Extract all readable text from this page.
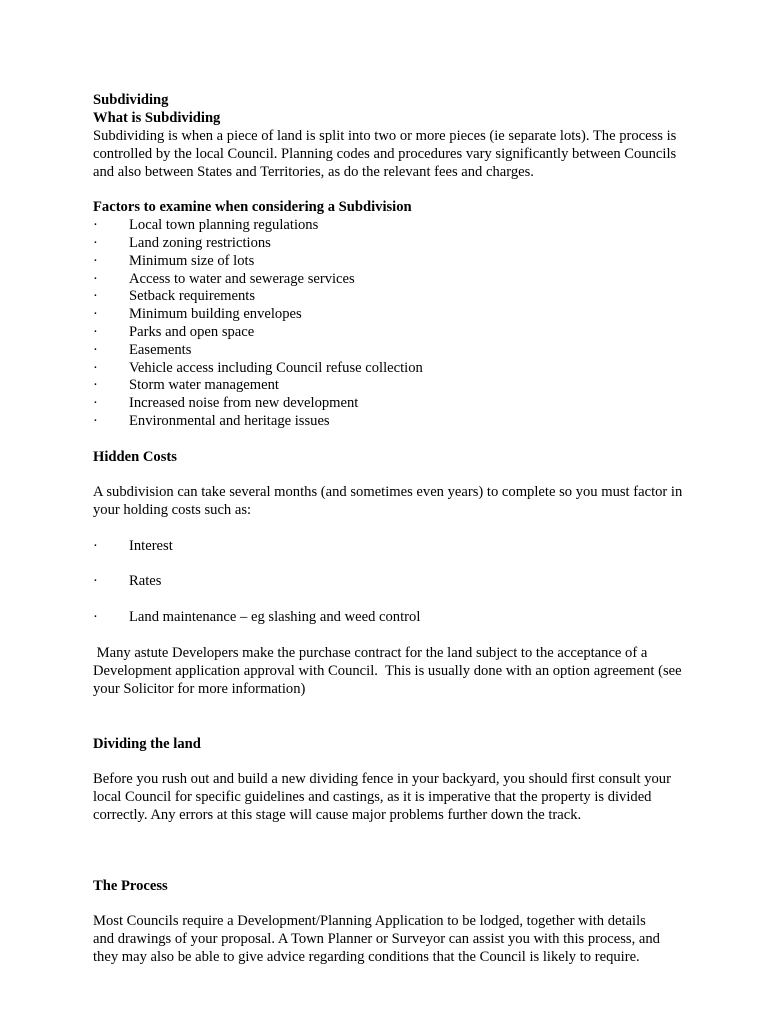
Subdividing

What is Subdividing

Subdividing is when a piece of land is split into two or more pieces (ie separate lots). The process is controlled by the local Council. Planning codes and procedures vary significantly between Councils and also between States and Territories, as do the relevant fees and charges.

Factors to examine when considering a Subdivision

· Local town planning regulations
· Land zoning restrictions
· Minimum size of lots
· Access to water and sewerage services
· Setback requirements
· Minimum building envelopes
· Parks and open space
· Easements
· Vehicle access including Council refuse collection
· Storm water management
· Increased noise from new development
· Environmental and heritage issues

Hidden Costs

A subdivision can take several months (and sometimes even years) to complete so you must factor in your holding costs such as:

· Interest
· Rates
· Land maintenance – eg slashing and weed control

Many astute Developers make the purchase contract for the land subject to the acceptance of a Development application approval with Council.  This is usually done with an option agreement (see your Solicitor for more information)

Dividing the land

Before you rush out and build a new dividing fence in your backyard, you should first consult your local Council for specific guidelines and castings, as it is imperative that the property is divided correctly. Any errors at this stage will cause major problems further down the track.

The Process

Most Councils require a Development/Planning Application to be lodged, together with details and drawings of your proposal. A Town Planner or Surveyor can assist you with this process, and they may also be able to give advice regarding conditions that the Council is likely to require.
